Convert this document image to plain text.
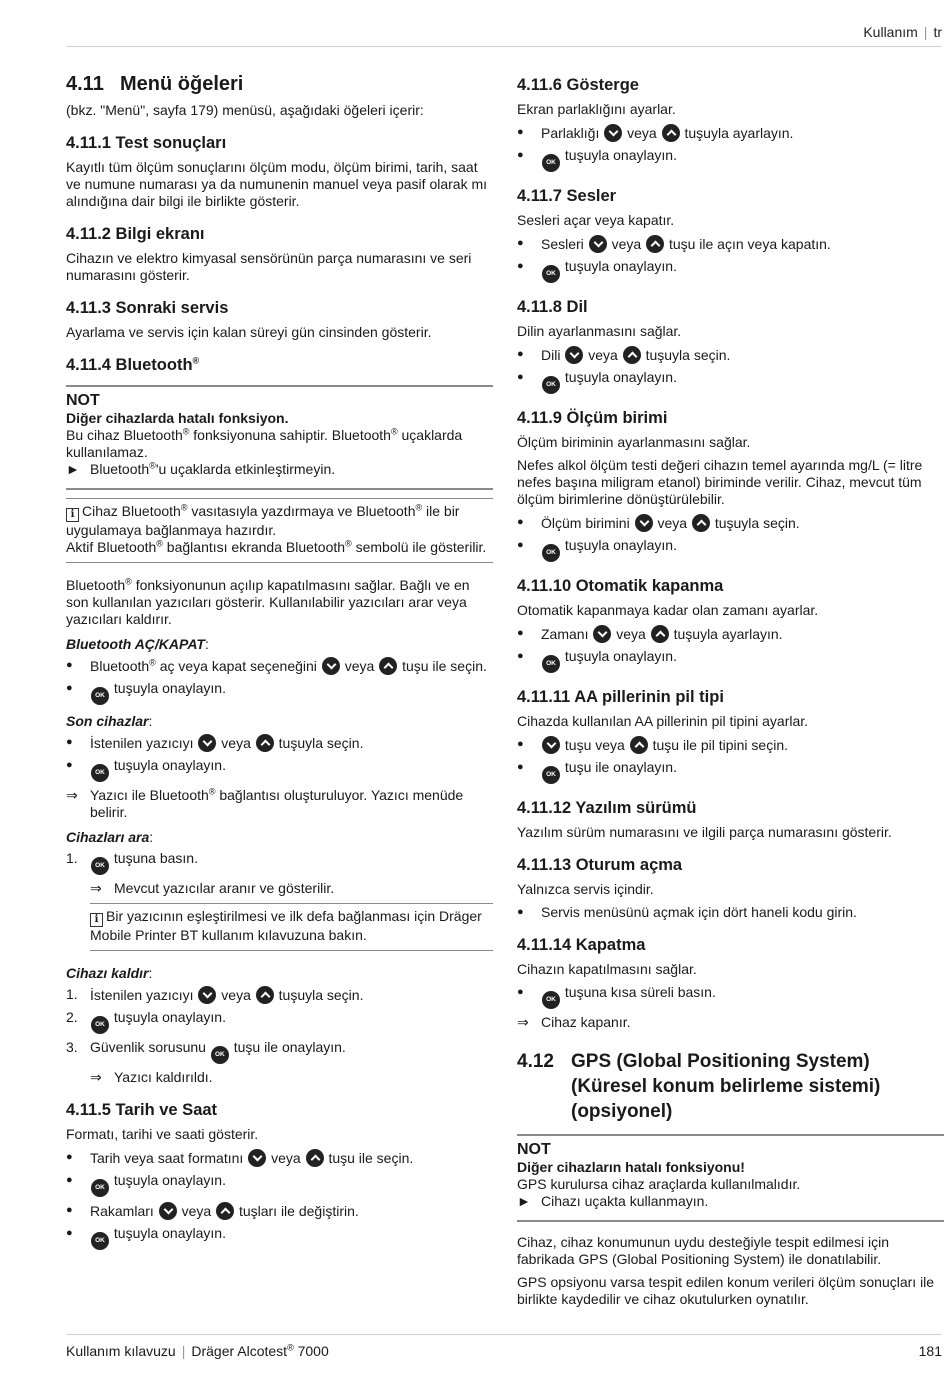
Kullanım | tr
4.11 Menü öğeleri

(bkz. "Menü", sayfa 179) menüsü, aşağıdaki öğeleri içerir:

4.11.1 Test sonuçları

Kayıtlı tüm ölçüm sonuçlarını ölçüm modu, ölçüm birimi, tarih, saat ve numune numarası ya da numunenin manuel veya pasif olarak mı alındığına dair bilgi ile birlikte gösterir.

4.11.2 Bilgi ekranı

Cihazın ve elektro kimyasal sensörünün parça numarasını ve seri numarasını gösterir.

4.11.3 Sonraki servis

Ayarlama ve servis için kalan süreyi gün cinsinden gösterir.

4.11.4 Bluetooth®
NOT
Diğer cihazlarda hatalı fonksiyon.
Bu cihaz Bluetooth® fonksiyonuna sahiptir. Bluetooth® uçaklarda kullanılamaz.
► Bluetooth®'u uçaklarda etkinleştirmeyin.
i Cihaz Bluetooth® vasıtasıyla yazdırmaya ve Bluetooth® ile bir uygulamaya bağlanmaya hazırdır.
Aktif Bluetooth® bağlantısı ekranda Bluetooth® sembolü ile gösterilir.

Bluetooth® fonksiyonunun açılıp kapatılmasını sağlar. Bağlı ve en son kullanılan yazıcıları gösterir. Kullanılabilir yazıcıları arar veya yazıcıları kaldırır.

Bluetooth AÇ/KAPAT:
● Bluetooth® aç veya kapat seçeneğini veya tuşu ile seçin.
●
OK tuşuyla onaylayın.
Son cihazlar:
● İstenilen yazıcıyı veya tuşuyla seçin.
●
OK tuşuyla onaylayın.
⇒ Yazıcı ile Bluetooth® bağlantısı oluşturuluyor. Yazıcı menüde belirir.
Cihazları ara:
1.	OK tuşuna basın.
⇒ Mevcut yazıcılar aranır ve gösterilir.
i Bir yazıcının eşleştirilmesi ve ilk defa bağlanması için Dräger Mobile Printer BT kullanım kılavuzuna bakın.
Cihazı kaldır:
1. İstenilen yazıcıyı veya tuşuyla seçin.
2.	OK tuşuyla onaylayın.
3. Güvenlik sorusunu OK tuşu ile onaylayın.
⇒ Yazıcı kaldırıldı.
4.11.5 Tarih ve Saat

Formatı, tarihi ve saati gösterir.

● Tarih veya saat formatını veya tuşu ile seçin.
●
OK tuşuyla onaylayın.
● Rakamları veya tuşları ile değiştirin.
●
OK tuşuyla onaylayın.
4.11.6 Gösterge

Ekran parlaklığını ayarlar.

● Parlaklığı veya tuşuyla ayarlayın.
●
OK tuşuyla onaylayın.
4.11.7 Sesler

Sesleri açar veya kapatır.

● Sesleri veya tuşu ile açın veya kapatın.
●
OK tuşuyla onaylayın.
4.11.8 Dil

Dilin ayarlanmasını sağlar.

● Dili veya tuşuyla seçin.
●
OK tuşuyla onaylayın.
4.11.9 Ölçüm birimi

Ölçüm biriminin ayarlanmasını sağlar.

Nefes alkol ölçüm testi değeri cihazın temel ayarında mg/L (= litre nefes başına miligram etanol) biriminde verilir. Cihaz, mevcut tüm ölçüm birimlerine dönüştürülebilir.

● Ölçüm birimini veya tuşuyla seçin.
●
OK tuşuyla onaylayın.
4.11.10 Otomatik kapanma

Otomatik kapanmaya kadar olan zamanı ayarlar.

● Zamanı veya tuşuyla ayarlayın.
●
OK tuşuyla onaylayın.
4.11.11 AA pillerinin pil tipi

Cihazda kullanılan AA pillerinin pil tipini ayarlar.

●	tuşu veya tuşu ile pil tipini seçin.
●
OK tuşu ile onaylayın.
4.11.12 Yazılım sürümü

Yazılım sürüm numarasını ve ilgili parça numarasını gösterir.

4.11.13 Oturum açma

Yalnızca servis içindir.

● Servis menüsünü açmak için dört haneli kodu girin.
4.11.14 Kapatma

Cihazın kapatılmasını sağlar.

●
OK tuşuna kısa süreli basın.
⇒ Cihaz kapanır.
4.12 GPS (Global Positioning System) (Küresel konum belirleme sistemi) (opsiyonel)
NOT
Diğer cihazların hatalı fonksiyonu!
GPS kurulursa cihaz araçlarda kullanılmalıdır.
► Cihazı uçakta kullanmayın.

Cihaz, cihaz konumunun uydu desteğiyle tespit edilmesi için fabrikada GPS (Global Positioning System) ile donatılabilir.

GPS opsiyonu varsa tespit edilen konum verileri ölçüm sonuçları ile birlikte kaydedilir ve cihaz okutulurken oynatılır.

Kullanım kılavuzu | Dräger Alcotest® 7000	181
